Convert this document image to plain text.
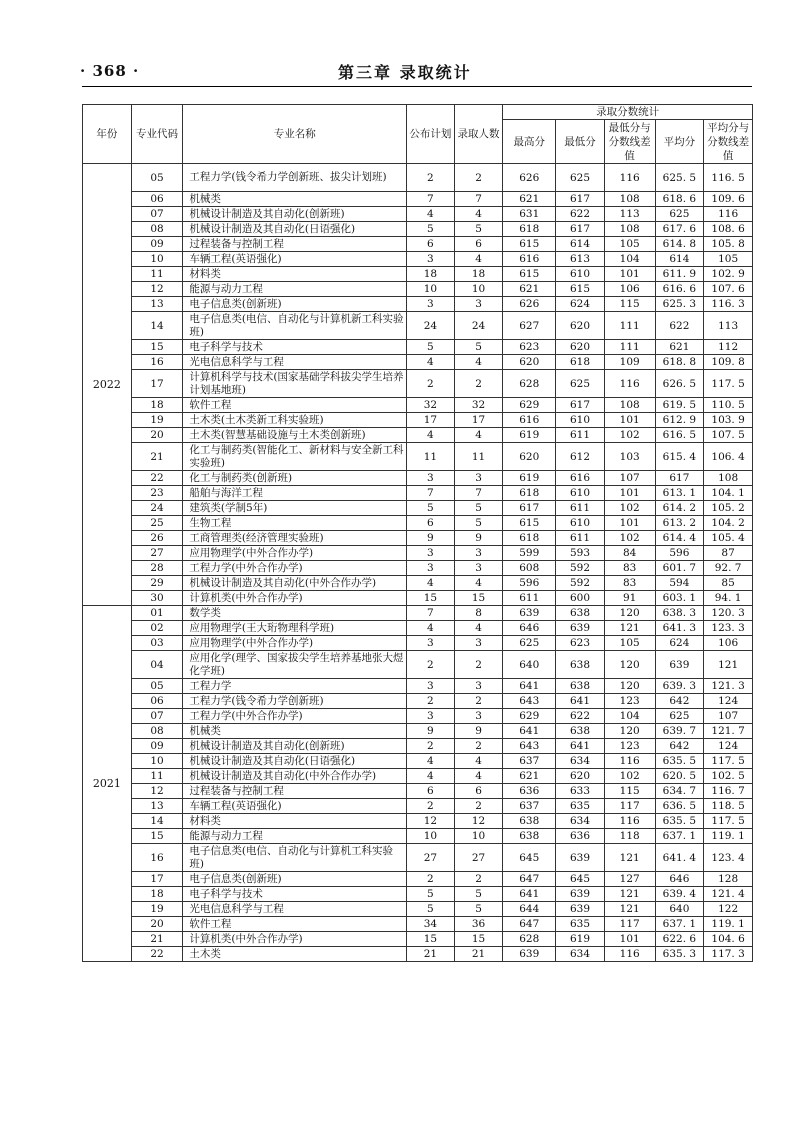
· 368 ·	第三章 录取统计
年份	专业代码	专业名称	公布计划	录取人数	录取分数统计				
					最高分	最低分	最低分与分数线差值	平均分	平均分与分数线差值
2022	05	工程力学(钱令希力学创新班、拔尖计划班)	2	2	626	625	116	625. 5	116. 5
	06	机械类	7	7	621	617	108	618. 6	109. 6
	07	机械设计制造及其自动化(创新班)	4	4	631	622	113	625	116
	08	机械设计制造及其自动化(日语强化)	5	5	618	617	108	617. 6	108. 6
	09	过程装备与控制工程	6	6	615	614	105	614. 8	105. 8
	10	车辆工程(英语强化)	3	4	616	613	104	614	105
	11	材料类	18	18	615	610	101	611. 9	102. 9
	12	能源与动力工程	10	10	621	615	106	616. 6	107. 6
	13	电子信息类(创新班)	3	3	626	624	115	625. 3	116. 3
	14	电子信息类(电信、自动化与计算机新工科实验班)	24	24	627	620	111	622	113
	15	电子科学与技术	5	5	623	620	111	621	112
	16	光电信息科学与工程	4	4	620	618	109	618. 8	109. 8
	17	计算机科学与技术(国家基础学科拔尖学生培养计划基地班)	2	2	628	625	116	626. 5	117. 5
	18	软件工程	32	32	629	617	108	619. 5	110. 5
	19	土木类(土木类新工科实验班)	17	17	616	610	101	612. 9	103. 9
	20	土木类(智慧基础设施与土木类创新班)	4	4	619	611	102	616. 5	107. 5
	21	化工与制药类(智能化工、新材料与安全新工科实验班)	11	11	620	612	103	615. 4	106. 4
	22	化工与制药类(创新班)	3	3	619	616	107	617	108
	23	船舶与海洋工程	7	7	618	610	101	613. 1	104. 1
	24	建筑类(学制5年)	5	5	617	611	102	614. 2	105. 2
	25	生物工程	6	5	615	610	101	613. 2	104. 2
	26	工商管理类(经济管理实验班)	9	9	618	611	102	614. 4	105. 4
	27	应用物理学(中外合作办学)	3	3	599	593	84	596	87
	28	工程力学(中外合作办学)	3	3	608	592	83	601. 7	92. 7
	29	机械设计制造及其自动化(中外合作办学)	4	4	596	592	83	594	85
	30	计算机类(中外合作办学)	15	15	611	600	91	603. 1	94. 1
2021	01	数学类	7	8	639	638	120	638. 3	120. 3
	02	应用物理学(王大珩物理科学班)	4	4	646	639	121	641. 3	123. 3
	03	应用物理学(中外合作办学)	3	3	625	623	105	624	106
	04	应用化学(理学、国家拔尖学生培养基地张大煜化学班)	2	2	640	638	120	639	121
	05	工程力学	3	3	641	638	120	639. 3	121. 3
	06	工程力学(钱令希力学创新班)	2	2	643	641	123	642	124
	07	工程力学(中外合作办学)	3	3	629	622	104	625	107
	08	机械类	9	9	641	638	120	639. 7	121. 7
	09	机械设计制造及其自动化(创新班)	2	2	643	641	123	642	124
	10	机械设计制造及其自动化(日语强化)	4	4	637	634	116	635. 5	117. 5
	11	机械设计制造及其自动化(中外合作办学)	4	4	621	620	102	620. 5	102. 5
	12	过程装备与控制工程	6	6	636	633	115	634. 7	116. 7
	13	车辆工程(英语强化)	2	2	637	635	117	636. 5	118. 5
	14	材料类	12	12	638	634	116	635. 5	117. 5
	15	能源与动力工程	10	10	638	636	118	637. 1	119. 1
	16	电子信息类(电信、自动化与计算机工科实验班)	27	27	645	639	121	641. 4	123. 4
	17	电子信息类(创新班)	2	2	647	645	127	646	128
	18	电子科学与技术	5	5	641	639	121	639. 4	121. 4
	19	光电信息科学与工程	5	5	644	639	121	640	122
	20	软件工程	34	36	647	635	117	637. 1	119. 1
	21	计算机类(中外合作办学)	15	15	628	619	101	622. 6	104. 6
	22	土木类	21	21	639	634	116	635. 3	117. 3
